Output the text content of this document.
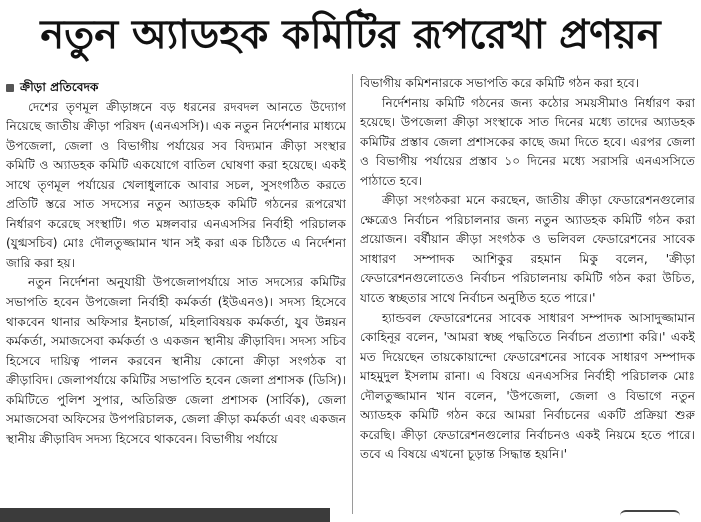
নতুন অ্যাডহক কমিটির রূপরেখা প্রণয়ন
ক্রীড়া প্রতিবেদক

দেশের তৃণমূল ক্রীড়াঙ্গনে বড় ধরনের রদবদল আনতে উদ্যোগ নিয়েছে জাতীয় ক্রীড়া পরিষদ (এনএসসি)। এক নতুন নির্দেশনার মাধ্যমে উপজেলা, জেলা ও বিভাগীয় পর্যায়ের সব বিদ্যমান ক্রীড়া সংস্থার কমিটি ও অ্যাডহক কমিটি একযোগে বাতিল ঘোষণা করা হয়েছে। একই সাথে তৃণমূল পর্যায়ের খেলাধুলাকে আবার সচল, সুসংগঠিত করতে প্রতিটি স্তরে সাত সদস্যের নতুন অ্যাডহক কমিটি গঠনের রূপরেখা নির্ধারণ করেছে সংস্থাটি। গত মঙ্গলবার এনএসসির নির্বাহী পরিচালক (যুগ্মসচিব) মোঃ দৌলতুজ্জামান খান সই করা এক চিঠিতে এ নির্দেশনা জারি করা হয়।

নতুন নির্দেশনা অনুযায়ী উপজেলাপর্যায়ে সাত সদস্যের কমিটির সভাপতি হবেন উপজেলা নির্বাহী কর্মকর্তা (ইউএনও)। সদস্য হিসেবে থাকবেন থানার অফিসার ইনচার্জ, মহিলাবিষয়ক কর্মকর্তা, যুব উন্নয়ন কর্মকর্তা, সমাজসেবা কর্মকর্তা ও একজন স্থানীয় ক্রীড়াবিদ। সদস্য সচিব হিসেবে দায়িত্ব পালন করবেন স্থানীয় কোনো ক্রীড়া সংগঠক বা ক্রীড়াবিদ। জেলাপর্যায়ে কমিটির সভাপতি হবেন জেলা প্রশাসক (ডিসি)। কমিটিতে পুলিশ সুপার, অতিরিক্ত জেলা প্রশাসক (সার্বিক), জেলা সমাজসেবা অফিসের উপপরিচালক, জেলা ক্রীড়া কর্মকর্তা এবং একজন স্থানীয় ক্রীড়াবিদ সদস্য হিসেবে থাকবেন। বিভাগীয় পর্যায়ে

বিভাগীয় কমিশনারকে সভাপতি করে কমিটি গঠন করা হবে।

নির্দেশনায় কমিটি গঠনের জন্য কঠোর সময়সীমাও নির্ধারণ করা হয়েছে। উপজেলা ক্রীড়া সংস্থাকে সাত দিনের মধ্যে তাদের অ্যাডহক কমিটির প্রস্তাব জেলা প্রশাসকের কাছে জমা দিতে হবে। এরপর জেলা ও বিভাগীয় পর্যায়ের প্রস্তাব ১০ দিনের মধ্যে সরাসরি এনএসসিতে পাঠাতে হবে।

ক্রীড়া সংগঠকরা মনে করছেন, জাতীয় ক্রীড়া ফেডারেশনগুলোর ক্ষেত্রেও নির্বাচন পরিচালনার জন্য নতুন অ্যাডহক কমিটি গঠন করা প্রয়োজন। বর্ষীয়ান ক্রীড়া সংগঠক ও ভলিবল ফেডারেশনের সাবেক সাধারণ সম্পাদক আশিকুর রহমান মিকু বলেন, 'ক্রীড়া ফেডারেশনগুলোতেও নির্বাচন পরিচালনায় কমিটি গঠন করা উচিত, যাতে স্বচ্ছতার সাথে নির্বাচন অনুষ্ঠিত হতে পারে।'

হ্যান্ডবল ফেডারেশনের সাবেক সাধারণ সম্পাদক আসাদুজ্জামান কোহিনূর বলেন, 'আমরা স্বচ্ছ পদ্ধতিতে নির্বাচন প্রত্যাশা করি।' একই মত দিয়েছেন তায়কোয়ান্দো ফেডারেশনের সাবেক সাধারণ সম্পাদক মাহমুদুল ইসলাম রানা। এ বিষয়ে এনএসসির নির্বাহী পরিচালক মোঃ দৌলতুজ্জামান খান বলেন, 'উপজেলা, জেলা ও বিভাগে নতুন অ্যাডহক কমিটি গঠন করে আমরা নির্বাচনের একটি প্রক্রিয়া শুরু করেছি। ক্রীড়া ফেডারেশনগুলোর নির্বাচনও একই নিয়মে হতে পারে। তবে এ বিষয়ে এখনো চূড়ান্ত সিদ্ধান্ত হয়নি।'
